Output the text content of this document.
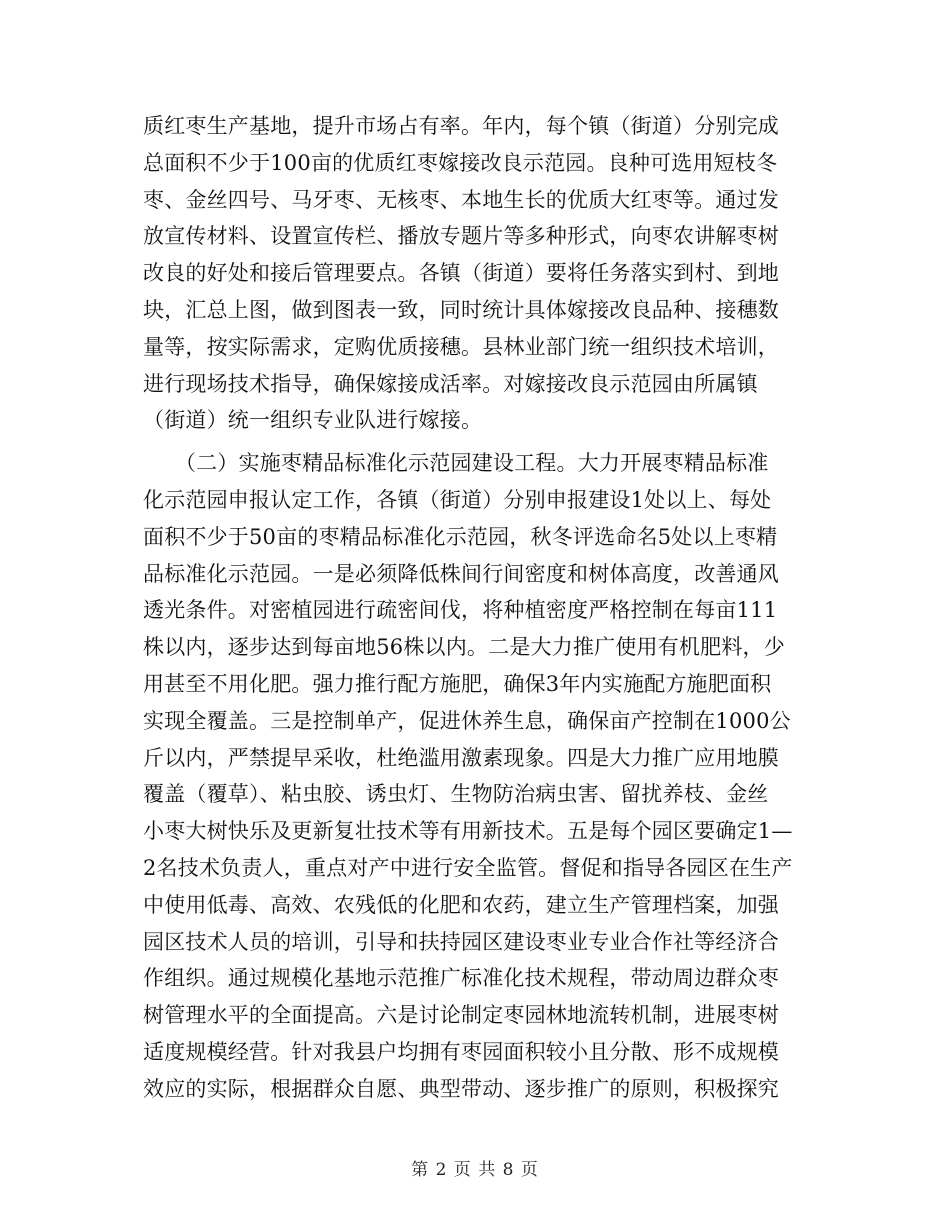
质红枣生产基地，提升市场占有率。年内，每个镇（街道）分别完成
总面积不少于100亩的优质红枣嫁接改良示范园。良种可选用短枝冬
枣、金丝四号、马牙枣、无核枣、本地生长的优质大红枣等。通过发
放宣传材料、设置宣传栏、播放专题片等多种形式，向枣农讲解枣树
改良的好处和接后管理要点。各镇（街道）要将任务落实到村、到地
块，汇总上图，做到图表一致，同时统计具体嫁接改良品种、接穗数
量等，按实际需求，定购优质接穗。县林业部门统一组织技术培训，
进行现场技术指导，确保嫁接成活率。对嫁接改良示范园由所属镇
（街道）统一组织专业队进行嫁接。
　　（二）实施枣精品标准化示范园建设工程。大力开展枣精品标准
化示范园申报认定工作，各镇（街道）分别申报建设1处以上、每处
面积不少于50亩的枣精品标准化示范园，秋冬评选命名5处以上枣精
品标准化示范园。一是必须降低株间行间密度和树体高度，改善通风
透光条件。对密植园进行疏密间伐，将种植密度严格控制在每亩111
株以内，逐步达到每亩地56株以内。二是大力推广使用有机肥料，少
用甚至不用化肥。强力推行配方施肥，确保3年内实施配方施肥面积
实现全覆盖。三是控制单产，促进休养生息，确保亩产控制在1000公
斤以内，严禁提早采收，杜绝滥用激素现象。四是大力推广应用地膜
覆盖（覆草）、粘虫胶、诱虫灯、生物防治病虫害、留扰养枝、金丝
小枣大树快乐及更新复壮技术等有用新技术。五是每个园区要确定1—
2名技术负责人，重点对产中进行安全监管。督促和指导各园区在生产
中使用低毒、高效、农残低的化肥和农药，建立生产管理档案，加强
园区技术人员的培训，引导和扶持园区建设枣业专业合作社等经济合
作组织。通过规模化基地示范推广标准化技术规程，带动周边群众枣
树管理水平的全面提高。六是讨论制定枣园林地流转机制，进展枣树
适度规模经营。针对我县户均拥有枣园面积较小且分散、形不成规模
效应的实际，根据群众自愿、典型带动、逐步推广的原则，积极探究
第 2 页 共 8 页
